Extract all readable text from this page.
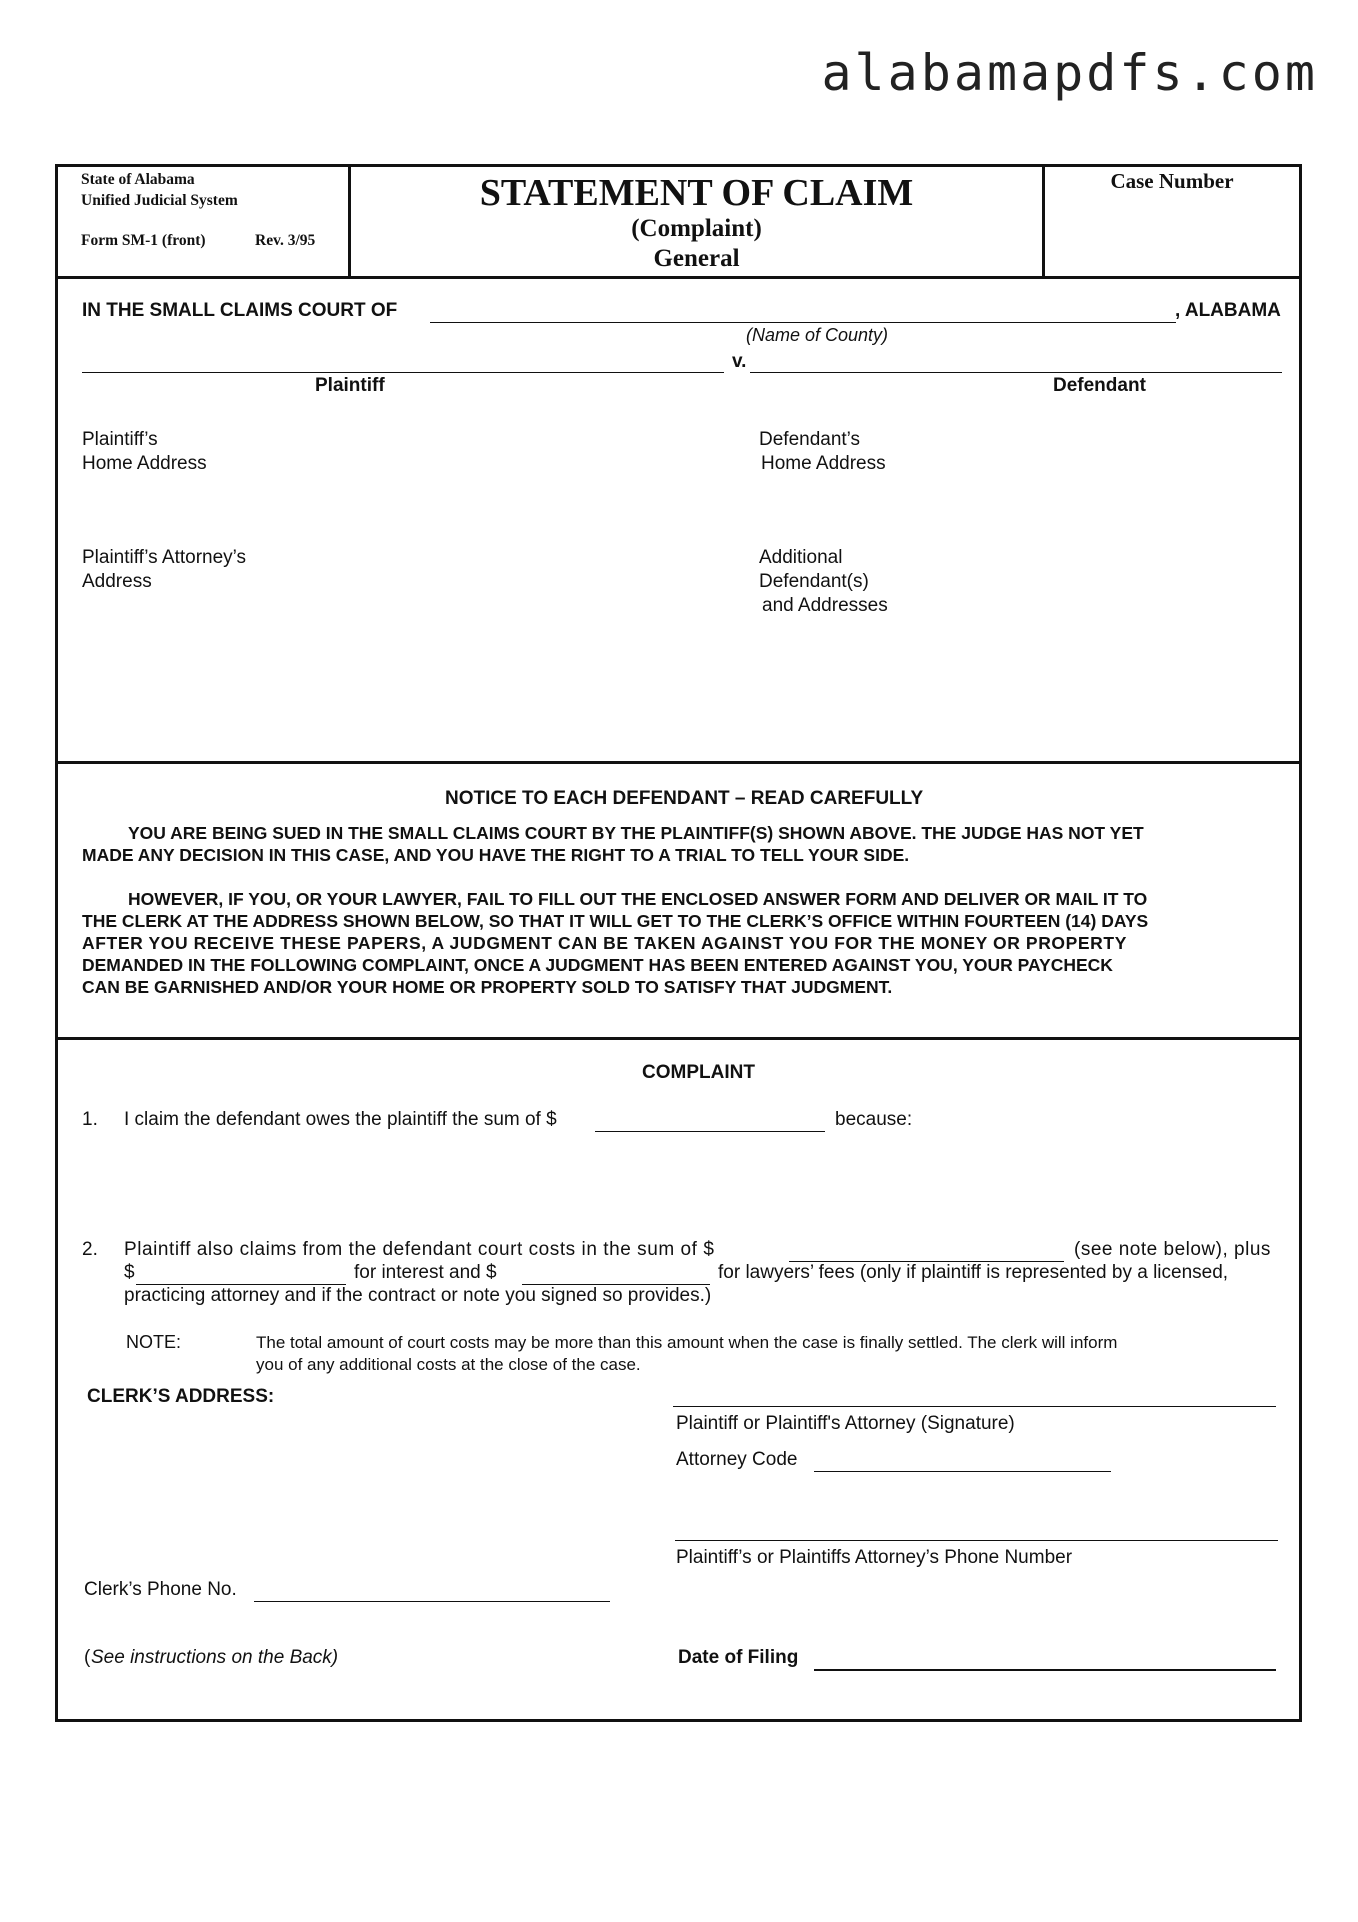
alabamapdfs.com
State of Alabama
Unified Judicial System
Form SM-1 (front)	Rev. 3/95
STATEMENT OF CLAIM
(Complaint)
General
Case Number
IN THE SMALL CLAIMS COURT OF	, ALABAMA
(Name of County)
v.
Plaintiff	Defendant
Plaintiff’s
Home Address
Defendant’s
Home Address
Plaintiff’s Attorney’s
Address
Additional
Defendant(s)
and Addresses
NOTICE TO EACH DEFENDANT – READ CAREFULLY
YOU ARE BEING SUED IN THE SMALL CLAIMS COURT BY THE PLAINTIFF(S) SHOWN ABOVE. THE JUDGE HAS NOT YET
MADE ANY DECISION IN THIS CASE, AND YOU HAVE THE RIGHT TO A TRIAL TO TELL YOUR SIDE.
HOWEVER, IF YOU, OR YOUR LAWYER, FAIL TO FILL OUT THE ENCLOSED ANSWER FORM AND DELIVER OR MAIL IT TO
THE CLERK AT THE ADDRESS SHOWN BELOW, SO THAT IT WILL GET TO THE CLERK’S OFFICE WITHIN FOURTEEN (14) DAYS
AFTER YOU RECEIVE THESE PAPERS, A JUDGMENT CAN BE TAKEN AGAINST YOU FOR THE MONEY OR PROPERTY
DEMANDED IN THE FOLLOWING COMPLAINT, ONCE A JUDGMENT HAS BEEN ENTERED AGAINST YOU, YOUR PAYCHECK
CAN BE GARNISHED AND/OR YOUR HOME OR PROPERTY SOLD TO SATISFY THAT JUDGMENT.
COMPLAINT
1. I claim the defendant owes the plaintiff the sum of $	because:
2. Plaintiff also claims from the defendant court costs in the sum of $	(see note below), plus
$	for interest and $	for lawyers’ fees (only if plaintiff is represented by a licensed,
practicing attorney and if the contract or note you signed so provides.)
NOTE:	The total amount of court costs may be more than this amount when the case is finally settled. The clerk will inform
you of any additional costs at the close of the case.
CLERK’S ADDRESS:
Plaintiff or Plaintiff's Attorney (Signature)
Attorney Code
Plaintiff’s or Plaintiffs Attorney’s Phone Number
Clerk’s Phone No.
( See instructions on the Back)	Date of Filing
